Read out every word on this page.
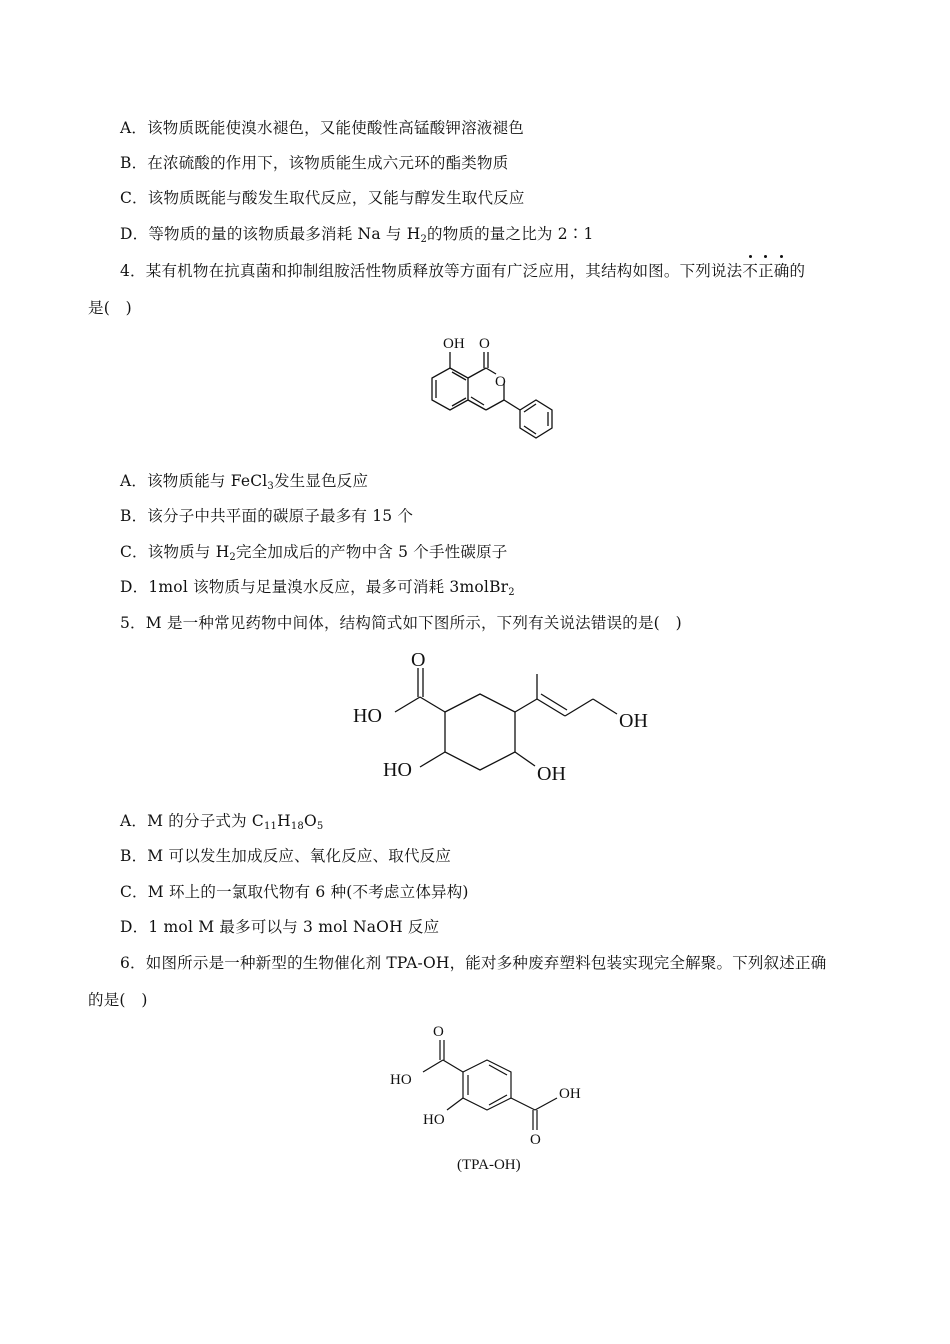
A．该物质既能使溴水褪色，又能使酸性高锰酸钾溶液褪色
B．在浓硫酸的作用下，该物质能生成六元环的酯类物质
C．该物质既能与酸发生取代反应，又能与醇发生取代反应
D．等物质的量的该物质最多消耗 Na 与 $H_2$的物质的量之比为 2∶1
4．某有机物在抗真菌和抑制组胺活性物质释放等方面有广泛应用，其结构如图。下列说法不正确的
是(　)
OH O
O
A．该物质能与 FeCl$_3$发生显色反应
B．该分子中共平面的碳原子最多有 15 个
C．该物质与 $H_2$完全加成后的产物中含 5 个手性碳原子
D．1mol 该物质与足量溴水反应，最多可消耗 3molBr$_2$
5．M 是一种常见药物中间体，结构简式如下图所示，下列有关说法错误的是(　)
O
HO
HO	OH
OH
A．M 的分子式为 $C_{11}H_{18}O_5$
B．M 可以发生加成反应、氧化反应、取代反应
C．M 环上的一氯取代物有 6 种(不考虑立体异构)
D．1 mol M 最多可以与 3 mol NaOH 反应
6．如图所示是一种新型的生物催化剂 TPA-OH，能对多种废弃塑料包装实现完全解聚。下列叙述正确
的是(　)
O
HO
HO
OH
O
(TPA-OH)
